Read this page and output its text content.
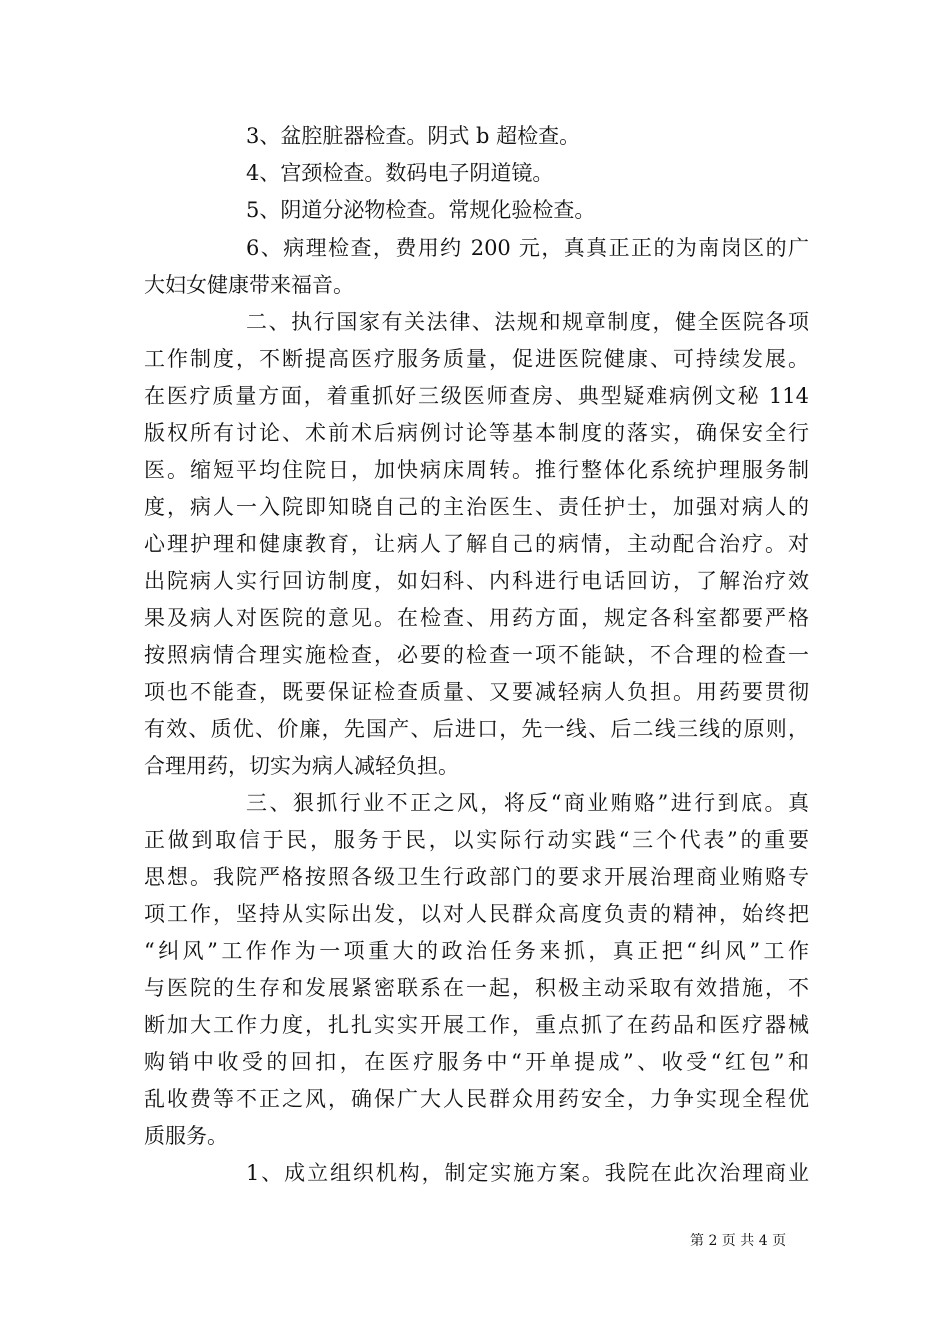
3、盆腔脏器检查。阴式 b 超检查。
4、宫颈检查。数码电子阴道镜。
5、阴道分泌物检查。常规化验检查。
6、病理检查，费用约 200 元，真真正正的为南岗区的广
大妇女健康带来福音。
二、执行国家有关法律、法规和规章制度，健全医院各项
工作制度，不断提高医疗服务质量，促进医院健康、可持续发展。
在医疗质量方面，着重抓好三级医师查房、典型疑难病例文秘 114
版权所有讨论、术前术后病例讨论等基本制度的落实，确保安全行
医。缩短平均住院日，加快病床周转。推行整体化系统护理服务制
度，病人一入院即知晓自己的主治医生、责任护士，加强对病人的
心理护理和健康教育，让病人了解自己的病情，主动配合治疗。对
出院病人实行回访制度，如妇科、内科进行电话回访，了解治疗效
果及病人对医院的意见。在检查、用药方面，规定各科室都要严格
按照病情合理实施检查，必要的检查一项不能缺，不合理的检查一
项也不能查，既要保证检查质量、又要减轻病人负担。用药要贯彻
有效、质优、价廉，先国产、后进口，先一线、后二线三线的原则，
合理用药，切实为病人减轻负担。
三、狠抓行业不正之风，将反“商业贿赂”进行到底。真
正做到取信于民，服务于民，以实际行动实践“三个代表”的重要
思想。我院严格按照各级卫生行政部门的要求开展治理商业贿赂专
项工作，坚持从实际出发，以对人民群众高度负责的精神，始终把
“纠风”工作作为一项重大的政治任务来抓，真正把“纠风”工作
与医院的生存和发展紧密联系在一起，积极主动采取有效措施，不
断加大工作力度，扎扎实实开展工作，重点抓了在药品和医疗器械
购销中收受的回扣，在医疗服务中“开单提成”、收受“红包”和
乱收费等不正之风，确保广大人民群众用药安全，力争实现全程优
质服务。
1、成立组织机构，制定实施方案。我院在此次治理商业
第 2 页 共 4 页
